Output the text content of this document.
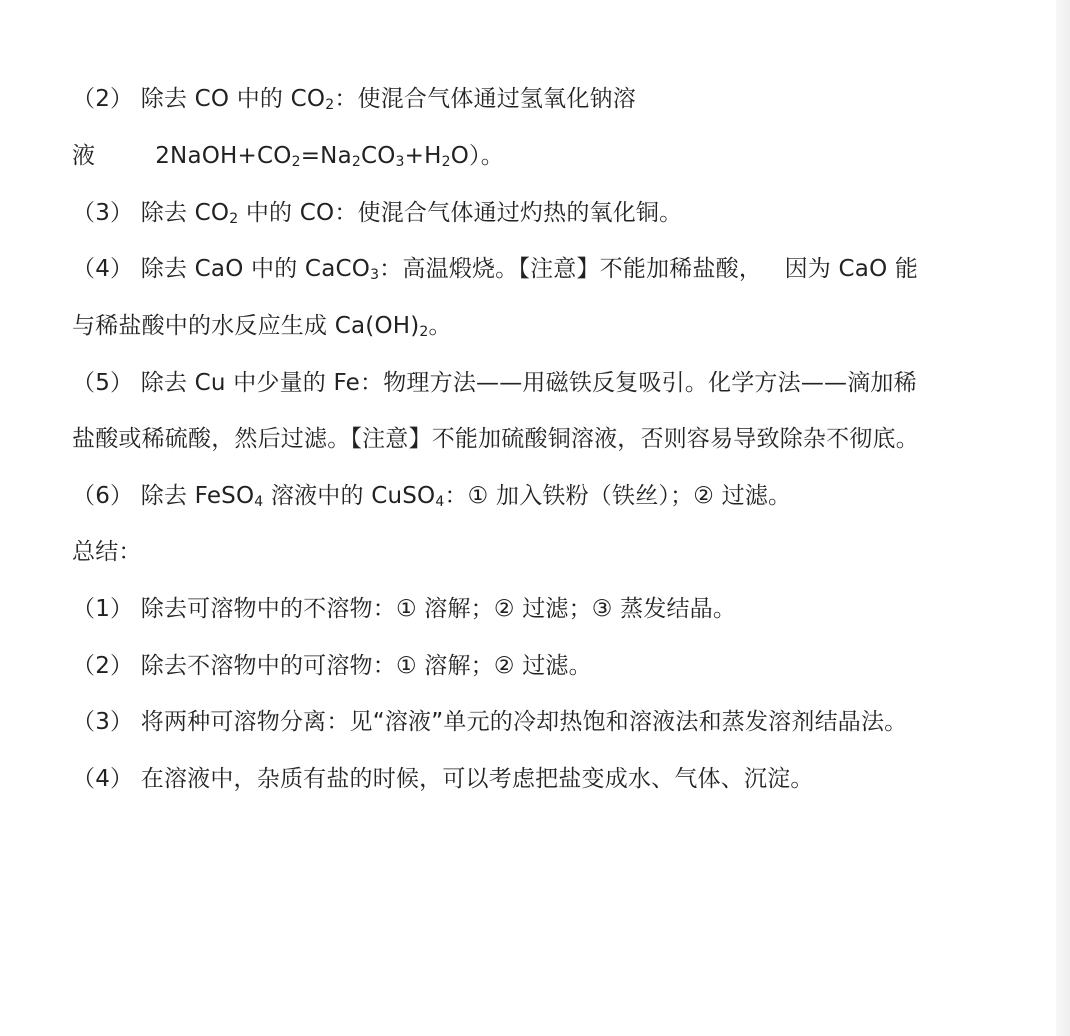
（2） 除去 CO 中的 $CO_2$：使混合气体通过氢氧化钠溶
液	$2NaOH+CO_2=Na_2CO_3+H_2O$）。
（3） 除去 $CO_2$ 中的 CO：使混合气体通过灼热的氧化铜。
（4） 除去 CaO 中的 CaCO$_3$：高温煅烧。【注意】不能加稀盐酸，   因为 CaO 能
与稀盐酸中的水反应生成 $Ca(OH)_2$。
（5） 除去 Cu 中少量的 Fe：物理方法——用磁铁反复吸引。化学方法——滴加稀
盐酸或稀硫酸，然后过滤。【注意】不能加硫酸铜溶液，否则容易导致除杂不彻底。
（6） 除去 FeSO$_4$ 溶液中的 CuSO$_4$：① 加入铁粉（铁丝）；② 过滤。
总结：
（1） 除去可溶物中的不溶物：① 溶解；② 过滤；③ 蒸发结晶。
（2） 除去不溶物中的可溶物：① 溶解；② 过滤。
（3） 将两种可溶物分离：见“溶液”单元的冷却热饱和溶液法和蒸发溶剂结晶法。
（4） 在溶液中，杂质有盐的时候，可以考虑把盐变成水、气体、沉淀。
